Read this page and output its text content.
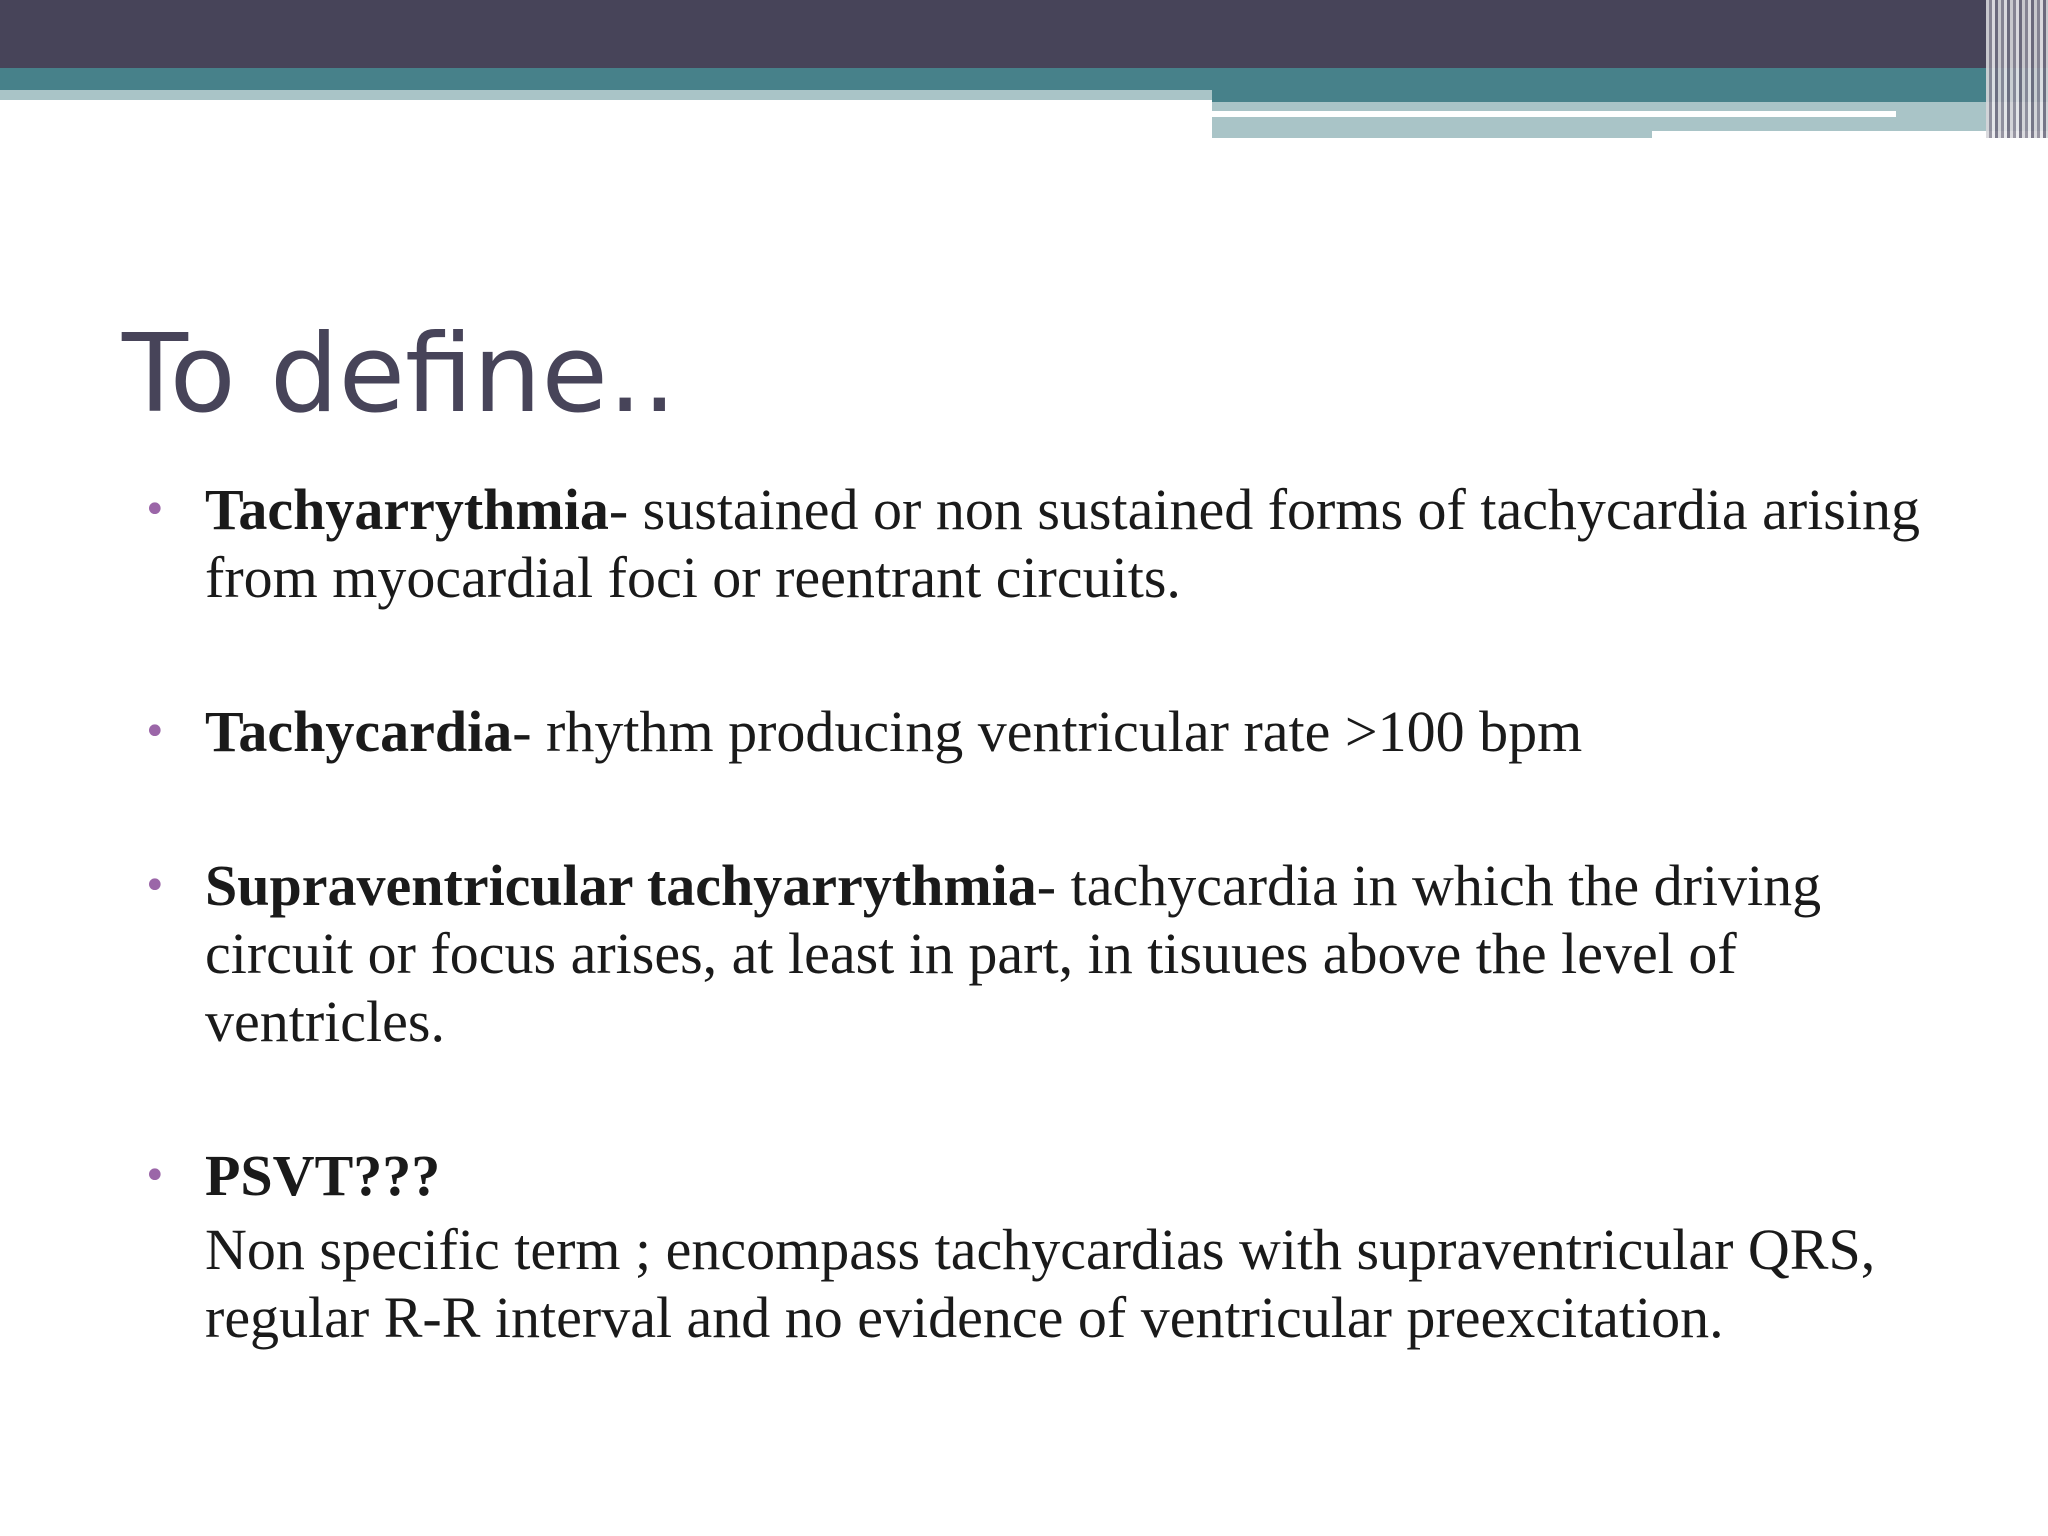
To define..
• Tachyarrythmia- sustained or non sustained forms of tachycardia arising from myocardial foci or reentrant circuits.
• Tachycardia- rhythm producing ventricular rate >100 bpm
• Supraventricular tachyarrythmia- tachycardia in which the driving circuit or focus arises, at least in part, in tisuues above the level of ventricles.
• PSVT???
Non specific term ; encompass tachycardias with supraventricular QRS, regular R-R interval and no evidence of ventricular preexcitation.
